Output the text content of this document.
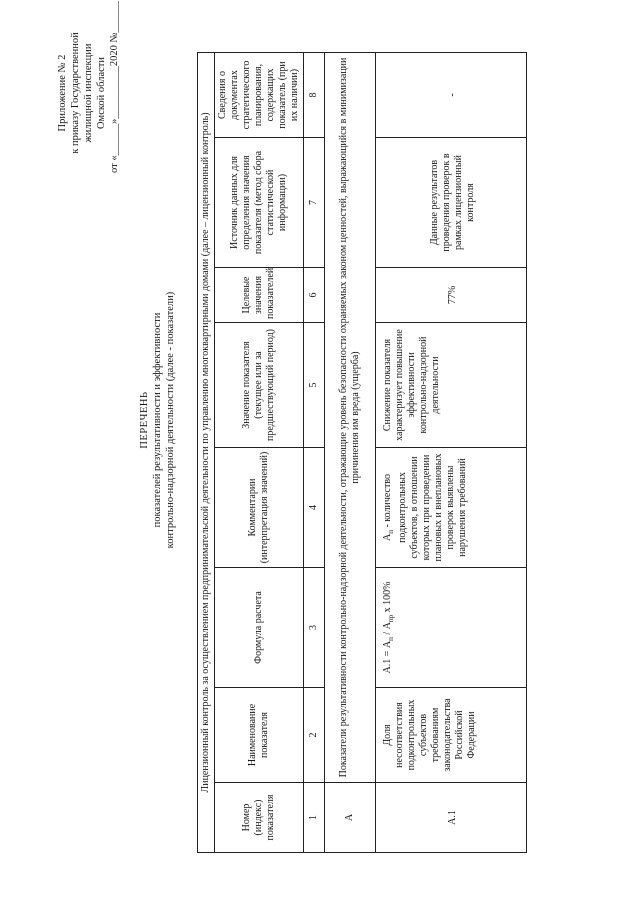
Приложение № 2 к приказу Государственной жилищной инспекции Омской области
от «______»__________2020 №______
ПЕРЕЧЕНЬ показателей результативности и эффективности контрольно-надзорной деятельности (далее - показатели) Лицензионный контроль за осуществлением предпринимательской деятельности по управлению многоквартирными домами (далее – лицензионный контроль)							
Номер (индекс) показателя	Наименование показателя	Формула расчета	Комментарии (интерпретация значений)	Значение показателя (текущее или за предшествующий период)	Целевые значения показателей	Источник данных для определения значения показателя (метод сбора статистической информации)	Сведения о документах стратегического планирования, содержащих показатель (при их наличии)
1	2	3	4	5	6	7	8
А	Показатели результативности контрольно-надзорной деятельности, отражающие уровень безопасности охраняемых законом ценностей, выражающийся в минимизации причинения им вреда (ущерба)						
А.1	Доля несоответствия подконтрольных субъектов требованиям законодательства Российской Федерации	$А.1 = А_п / А_{пр}$ х 100%	$А_п$ - количество подконтрольных субъектов, в отношении которых при проведении плановых и внеплановых проверок выявлены нарушения требований	Снижение показателя характеризует повышение эффективности контрольно-надзорной деятельности	77%	Данные результатов проведения проверок в рамках лицензионный контроля	-
